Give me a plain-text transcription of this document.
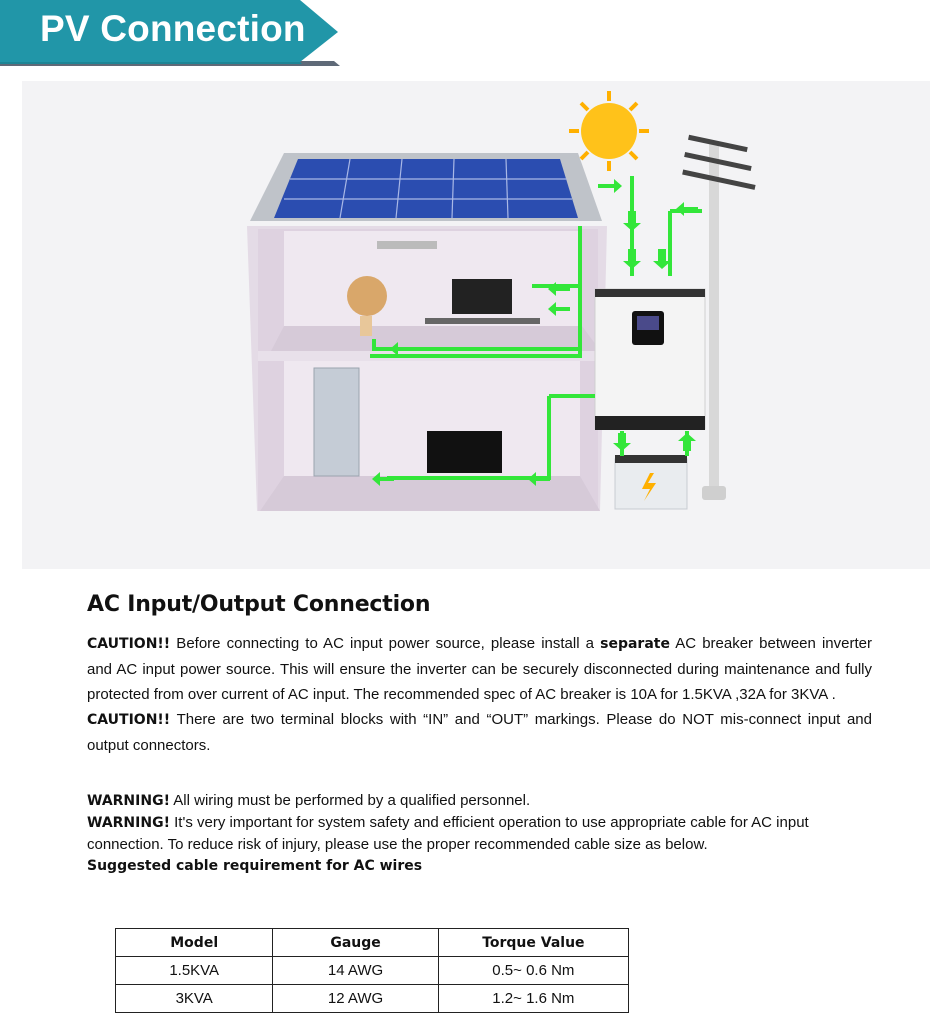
PV Connection
AC Input/Output Connection

CAUTION!! Before connecting to AC input power source, please install a separate AC breaker between inverter and AC input power source. This will ensure the inverter can be securely disconnected during maintenance and fully protected from over current of AC input. The recommended spec of AC breaker is 10A for 1.5KVA ,32A for 3KVA .

CAUTION!! There are two terminal blocks with “IN” and “OUT” markings. Please do NOT mis-connect input and output connectors.

WARNING! All wiring must be performed by a qualified personnel.

WARNING! It's very important for system safety and efficient operation to use appropriate cable for AC input connection. To reduce risk of injury, please use the proper recommended cable size as below.

Suggested cable requirement for AC wires
Model	Gauge	Torque Value
1.5KVA	14 AWG	0.5~ 0.6 Nm
3KVA	12 AWG	1.2~ 1.6 Nm
